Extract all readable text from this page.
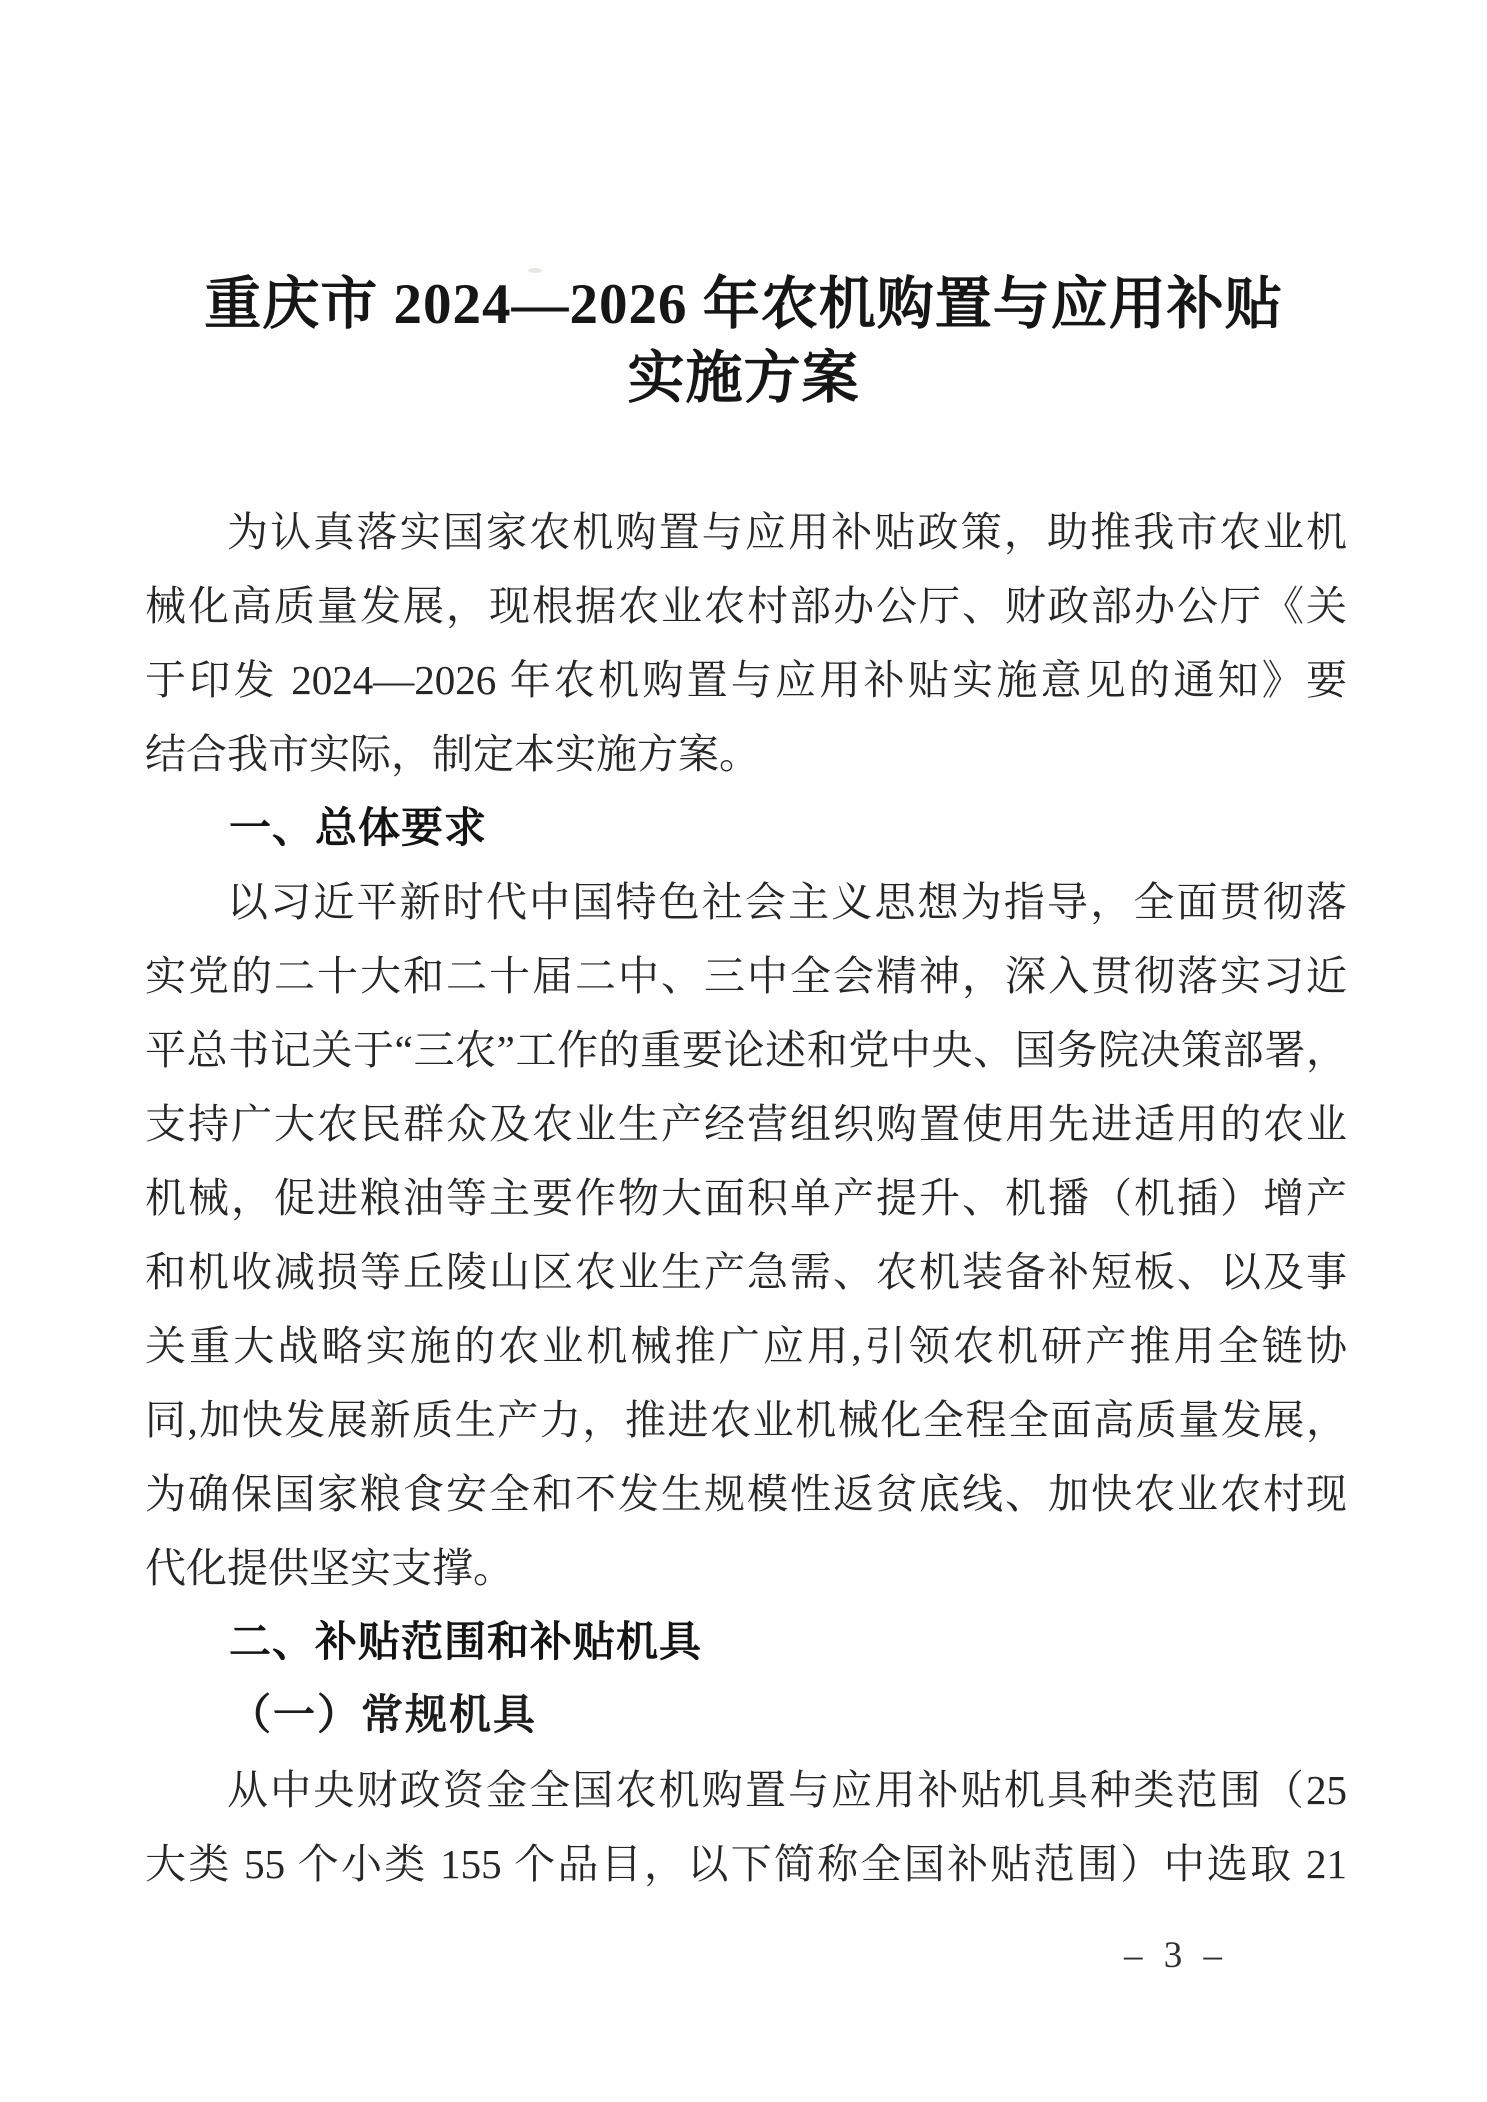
重庆市 2024—2026 年农机购置与应用补贴
实施方案
为认真落实国家农机购置与应用补贴政策，助推我市农业机
械化高质量发展，现根据农业农村部办公厅、财政部办公厅《关
于印发 2024—2026 年农机购置与应用补贴实施意见的通知》要
结合我市实际，制定本实施方案。
一、总体要求
以习近平新时代中国特色社会主义思想为指导，全面贯彻落
实党的二十大和二十届二中、三中全会精神，深入贯彻落实习近
平总书记关于“三农”工作的重要论述和党中央、国务院决策部署，
支持广大农民群众及农业生产经营组织购置使用先进适用的农业
机械，促进粮油等主要作物大面积单产提升、机播（机插）增产
和机收减损等丘陵山区农业生产急需、农机装备补短板、以及事
关重大战略实施的农业机械推广应用,引领农机研产推用全链协
同,加快发展新质生产力，推进农业机械化全程全面高质量发展，
为确保国家粮食安全和不发生规模性返贫底线、加快农业农村现
代化提供坚实支撑。
二、补贴范围和补贴机具
（一）常规机具
从中央财政资金全国农机购置与应用补贴机具种类范围（25
大类 55 个小类 155 个品目，以下简称全国补贴范围）中选取 21
– 3 –
